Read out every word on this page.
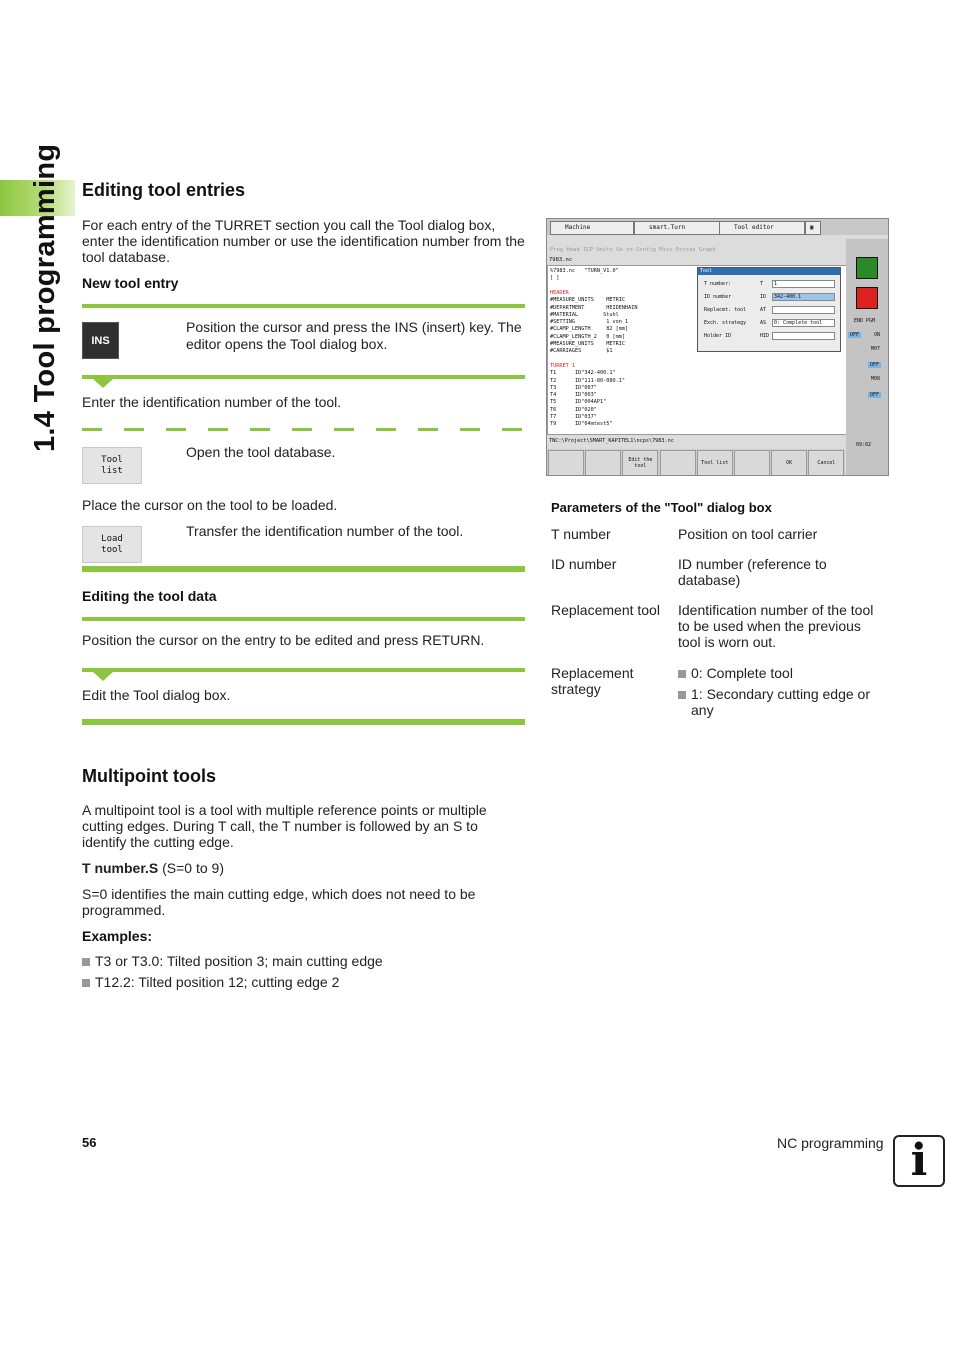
1.4 Tool programming Editing tool entries

For each entry of the TURRET section you call the Tool dialog box, enter the identification number or use the identification number from the tool database.

New tool entry
INS

Position the cursor and press the INS (insert) key. The editor opens the Tool dialog box.

Enter the identification number of the tool.

Tool
list

Open the tool database.

Place the cursor on the tool to be loaded.

Load
tool

Transfer the identification number of the tool.

Editing the tool data

Position the cursor on the entry to be edited and press RETURN.

Edit the Tool dialog box.

Multipoint tools

A multipoint tool is a tool with multiple reference points or multiple cutting edges. During T call, the T number is followed by an S to identify the cutting edge.

T number.S (S=0 to 9)

S=0 identifies the main cutting edge, which does not need to be programmed.

Examples:

T3 or T3.0: Tilted position 3; main cutting edge

T12.2: Tilted position 12; cutting edge 2

Machine	smart.Turn	Tool editor	▣
Prog Head ICP Units Go to Config Misc Extras Graph
7983.nc
%7983.nc   "TURN_V1.0"
[ ]
HEADER
#MEASURE_UNITS    METRIC
#DEPARTMENT       HEIDENHAIN
#MATERIAL        Stuhl
#SETTING          1 von 1
#CLAMP_LENGTH     82 [mm]
#CLAMP_LENGTH_2   0 [mm]
#MEASURE_UNITS    METRIC
#CARRIAGES        $1
TURRET 1
T1      ID"342-400.1"
T2      ID"111-80-080.1"
T3      ID"007"
T4      ID"003"
T5      ID"004AP1"
T6      ID"020"
T7      ID"037"
T9      ID"04mtest5"
TNC:\Project\SMART_KAPITEL1\ncps\7983.nc
Tool
T number:	T	1
ID number	ID	342-400.1
Replacmt. tool	AT
Exch. strategy	AS	0: Complete tool
Holder ID	HID
Edit the tool	Tool list	OK	Cancel
END PGM
OFF	ON
M07
OFF
M08
OFF
09:02
Parameters of the "Tool" dialog box
T number	Position on tool carrier
ID number	ID number (reference to database)
Replacement tool	Identification number of the tool to be used when the previous tool is worn out.
Replacement strategy
0: Complete tool
1: Secondary cutting edge or any
56	NC programming i
